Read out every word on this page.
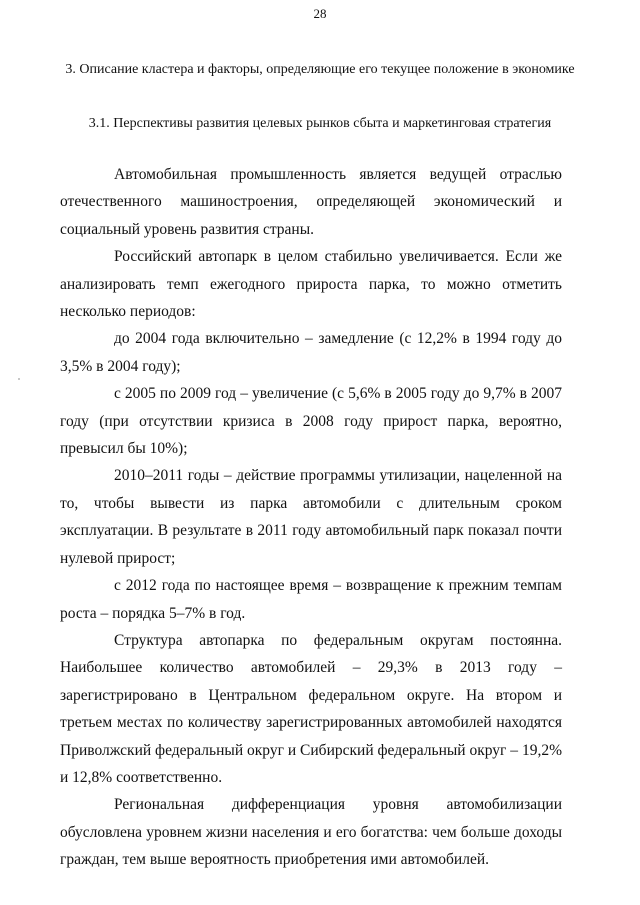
28
3. Описание кластера и факторы, определяющие его текущее положение в экономике
3.1. Перспективы развития целевых рынков сбыта и маркетинговая стратегия

Автомобильная промышленность является ведущей отраслью отечественного машиностроения, определяющей экономический и социальный уровень развития страны.

Российский автопарк в целом стабильно увеличивается. Если же анализировать темп ежегодного прироста парка, то можно отметить несколько периодов:

до 2004 года включительно – замедление (с 12,2% в 1994 году до 3,5% в 2004 году);

с 2005 по 2009 год – увеличение (с 5,6% в 2005 году до 9,7% в 2007 году (при отсутствии кризиса в 2008 году прирост парка, вероятно, превысил бы 10%);

2010–2011 годы – действие программы утилизации, нацеленной на то, чтобы вывести из парка автомобили с длительным сроком эксплуатации. В результате в 2011 году автомобильный парк показал почти нулевой прирост;

с 2012 года по настоящее время – возвращение к прежним темпам роста – порядка 5–7% в год.

Структура автопарка по федеральным округам постоянна. Наибольшее количество автомобилей – 29,3% в 2013 году – зарегистрировано в Центральном федеральном округе. На втором и третьем местах по количеству зарегистрированных автомобилей находятся Приволжский федеральный округ и Сибирский федеральный округ – 19,2% и 12,8% соответственно.

Региональная дифференциация уровня автомобилизации обусловлена уровнем жизни населения и его богатства: чем больше доходы граждан, тем выше вероятность приобретения ими автомобилей.
